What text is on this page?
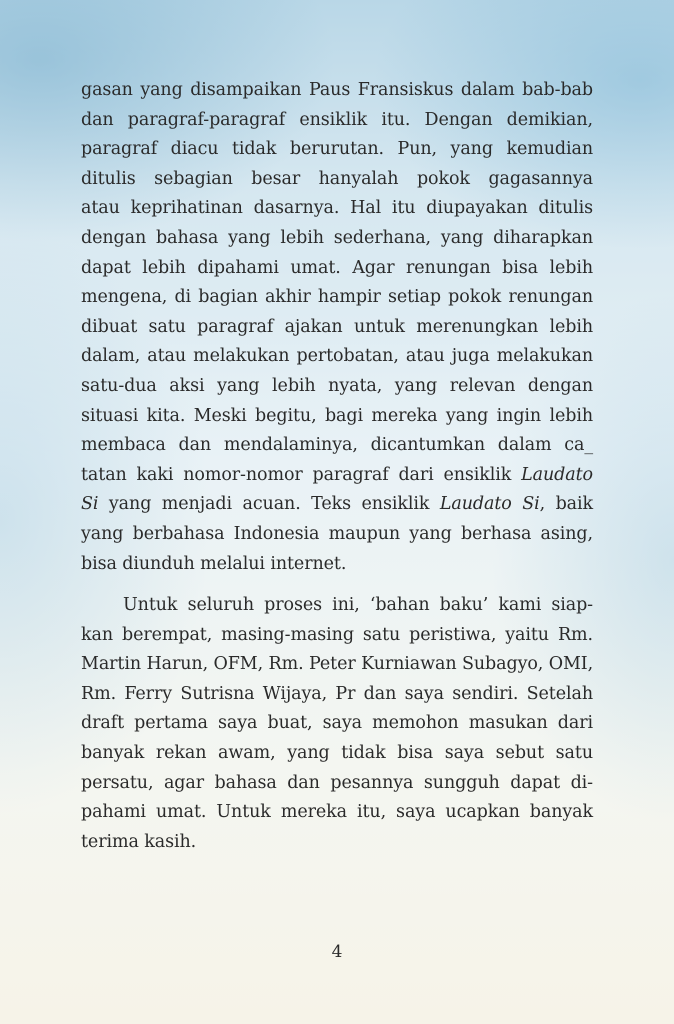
gasan yang disampaikan Paus Fransiskus dalam bab-bab
dan paragraf-paragraf ensiklik itu. Dengan demikian,
paragraf diacu tidak berurutan. Pun, yang kemudian
ditulis sebagian besar hanyalah pokok gagasannya
atau keprihatinan dasarnya. Hal itu diupayakan ditulis
dengan bahasa yang lebih sederhana, yang diharapkan
dapat lebih dipahami umat. Agar renungan bisa lebih
mengena, di bagian akhir hampir setiap pokok renungan
dibuat satu paragraf ajakan untuk merenungkan lebih
dalam, atau melakukan pertobatan, atau juga melakukan
satu-dua aksi yang lebih nyata, yang relevan dengan
situasi kita. Meski begitu, bagi mereka yang ingin lebih
membaca dan mendalaminya, dicantumkan dalam ca_
tatan kaki nomor-nomor paragraf dari ensiklik Laudato
Si yang menjadi acuan. Teks ensiklik Laudato Si, baik
yang berbahasa Indonesia maupun yang berhasa asing,
bisa diunduh melalui internet.

Untuk seluruh proses ini, ‘bahan baku’ kami siap-
kan berempat, masing-masing satu peristiwa, yaitu Rm.
Martin Harun, OFM, Rm. Peter Kurniawan Subagyo, OMI,
Rm. Ferry Sutrisna Wijaya, Pr dan saya sendiri. Setelah
draft pertama saya buat, saya memohon masukan dari
banyak rekan awam, yang tidak bisa saya sebut satu
persatu, agar bahasa dan pesannya sungguh dapat di-
pahami umat. Untuk mereka itu, saya ucapkan banyak
terima kasih.

4
